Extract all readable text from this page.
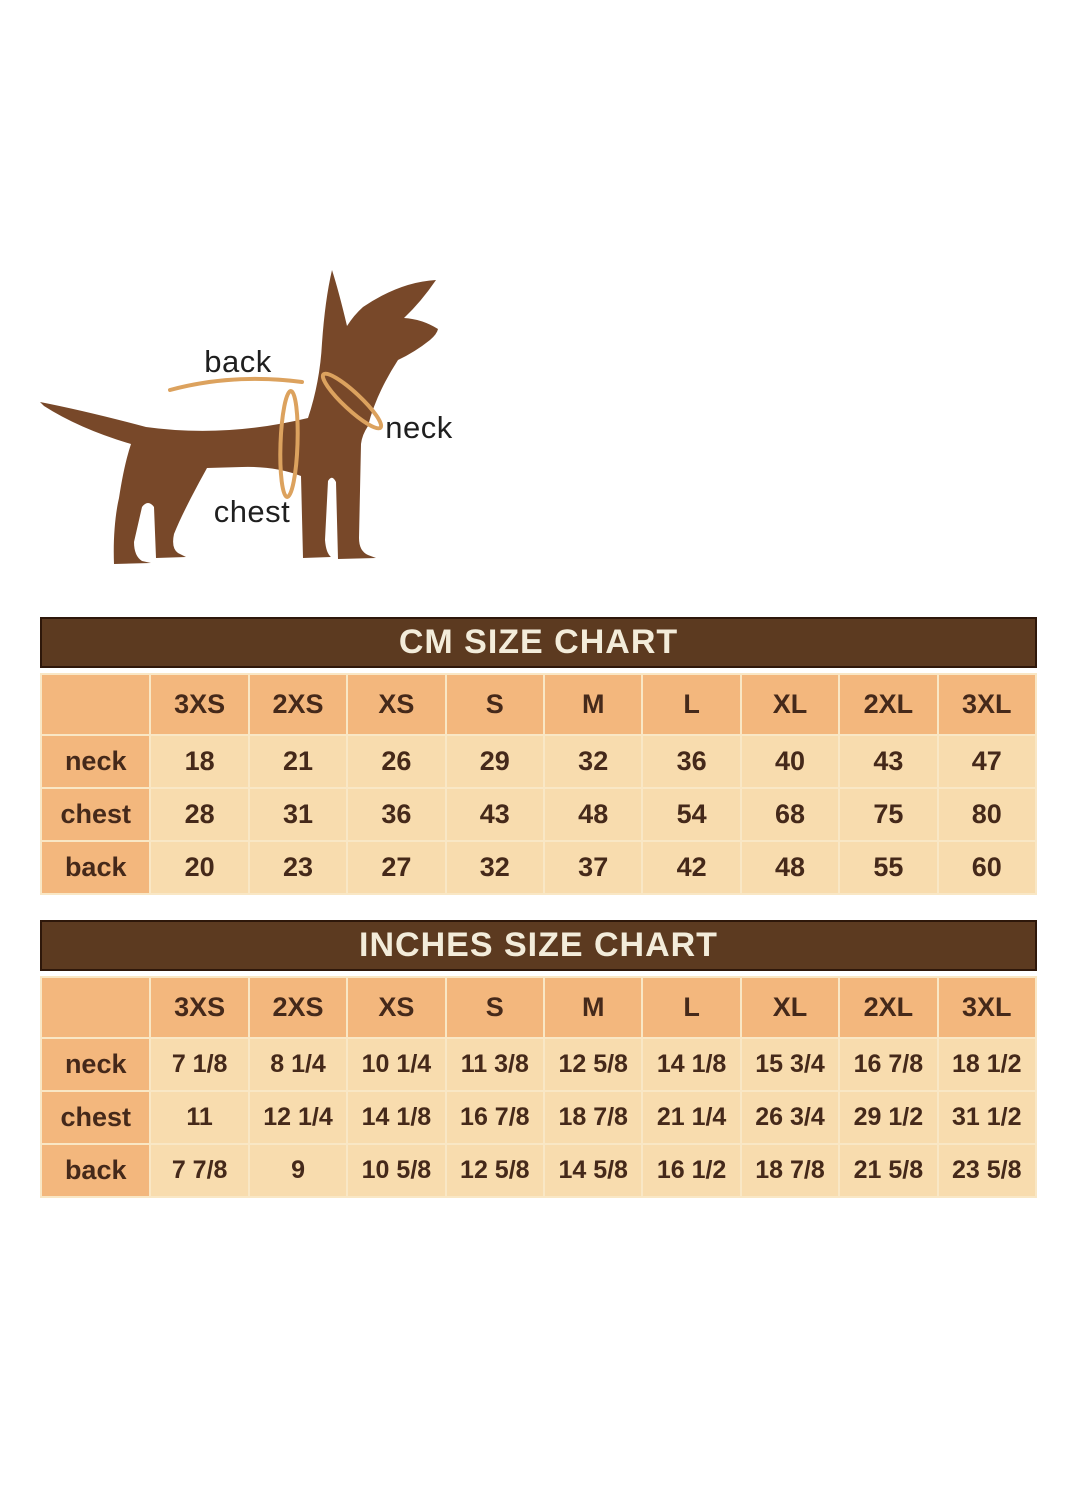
back
neck
chest
CM SIZE CHART
	3XS	2XS	XS	S	M	L	XL	2XL	3XL
neck	18	21	26	29	32	36	40	43	47
chest	28	31	36	43	48	54	68	75	80
back	20	23	27	32	37	42	48	55	60
INCHES SIZE CHART
	3XS	2XS	XS	S	M	L	XL	2XL	3XL
neck	7 1/8	8 1/4	10 1/4	11 3/8	12 5/8	14 1/8	15 3/4	16 7/8	18 1/2
chest	11	12 1/4	14 1/8	16 7/8	18 7/8	21 1/4	26 3/4	29 1/2	31 1/2
back	7 7/8	9	10 5/8	12 5/8	14 5/8	16 1/2	18 7/8	21 5/8	23 5/8
